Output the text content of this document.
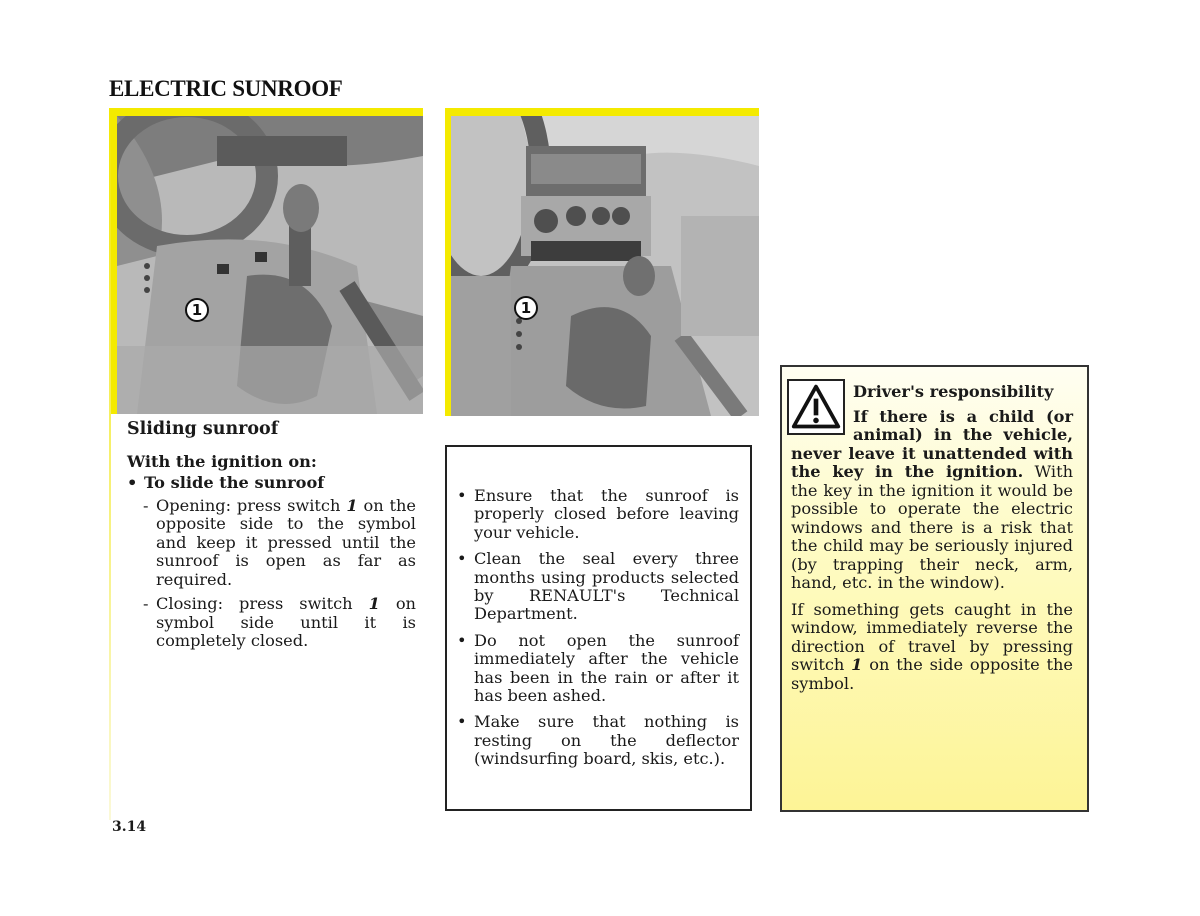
ELECTRIC SUNROOF
1	1
Sliding sunroof

With the ignition on:

• To slide the sunroof
- Opening: press switch 1 on the opposite side to the symbol and keep it pressed until the sunroof is open as far as required.
- Closing: press switch 1 on symbol side until it is completely closed.
• Ensure that the sunroof is properly closed before leaving your vehicle.
• Clean the seal every three months using products selected by RENAULT's Technical Department.
• Do not open the sunroof immediately after the vehicle has been in the rain or after it has been ashed.
• Make sure that nothing is resting on the deflector (windsurfing board, skis, etc.).

Driver's responsibility

If there is a child (or animal) in the vehicle, never leave it unattended with the key in the ignition. With the key in the ignition it would be possible to operate the electric windows and there is a risk that the child may be seriously injured (by trapping their neck, arm, hand, etc. in the window).

If something gets caught in the window, immediately reverse the direction of travel by pressing switch 1 on the side opposite the symbol.

3.14
